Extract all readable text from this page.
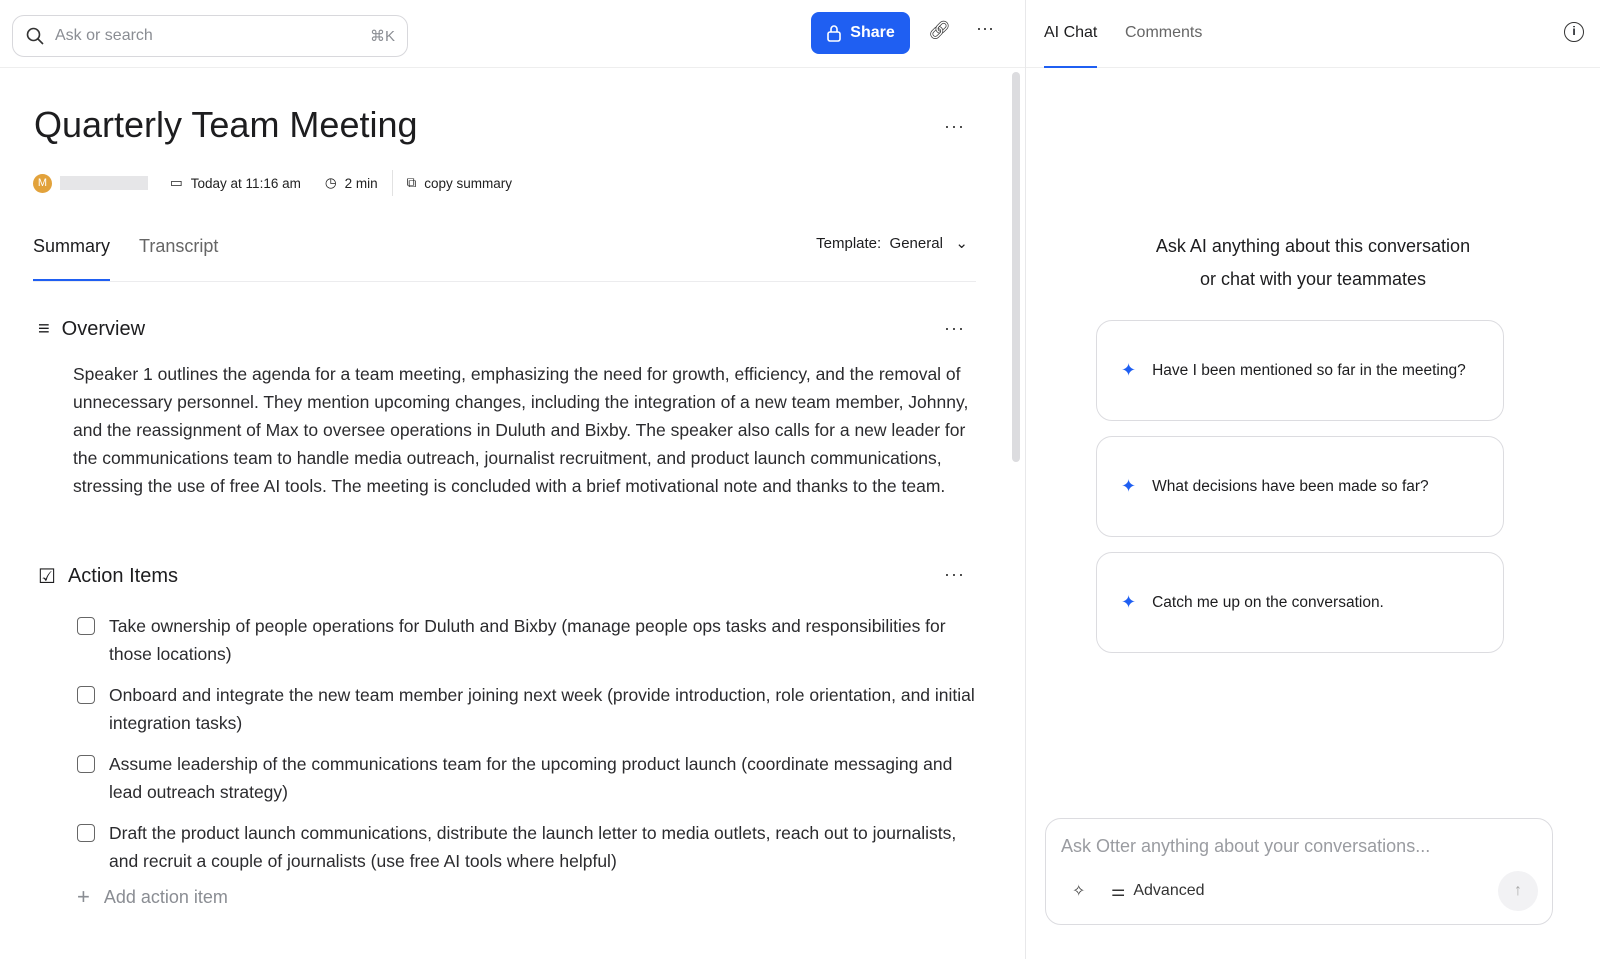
Ask or search	⌘K	Share 🔗︎ ···
Quarterly Team Meeting	···
M	▭ Today at 11:16 am ◷ 2 min ⧉ copy summary
Summary Transcript	Template: General ⌄
≡ Overview	···
Speaker 1 outlines the agenda for a team meeting, emphasizing the need for growth, efficiency, and the removal of unnecessary personnel. They mention upcoming changes, including the integration of a new team member, Johnny, and the reassignment of Max to oversee operations in Duluth and Bixby. The speaker also calls for a new leader for the communications team to handle media outreach, journalist recruitment, and product launch communications, stressing the use of free AI tools. The meeting is concluded with a brief motivational note and thanks to the team.
☑ Action Items	···
Take ownership of people operations for Duluth and Bixby (manage people ops tasks and responsibilities for those locations)
Onboard and integrate the new team member joining next week (provide introduction, role orientation, and initial integration tasks)
Assume leadership of the communications team for the upcoming product launch (coordinate messaging and lead outreach strategy)
Draft the product launch communications, distribute the launch letter to media outlets, reach out to journalists, and recruit a couple of journalists (use free AI tools where helpful)
+ Add action item
AI Chat Comments	i
Ask AI anything about this conversation
or chat with your teammates
✦ Have I been mentioned so far in the meeting?
✦ What decisions have been made so far?
✦ Catch me up on the conversation.
Ask Otter anything about your conversations...
✧ ⚌ Advanced	↑
